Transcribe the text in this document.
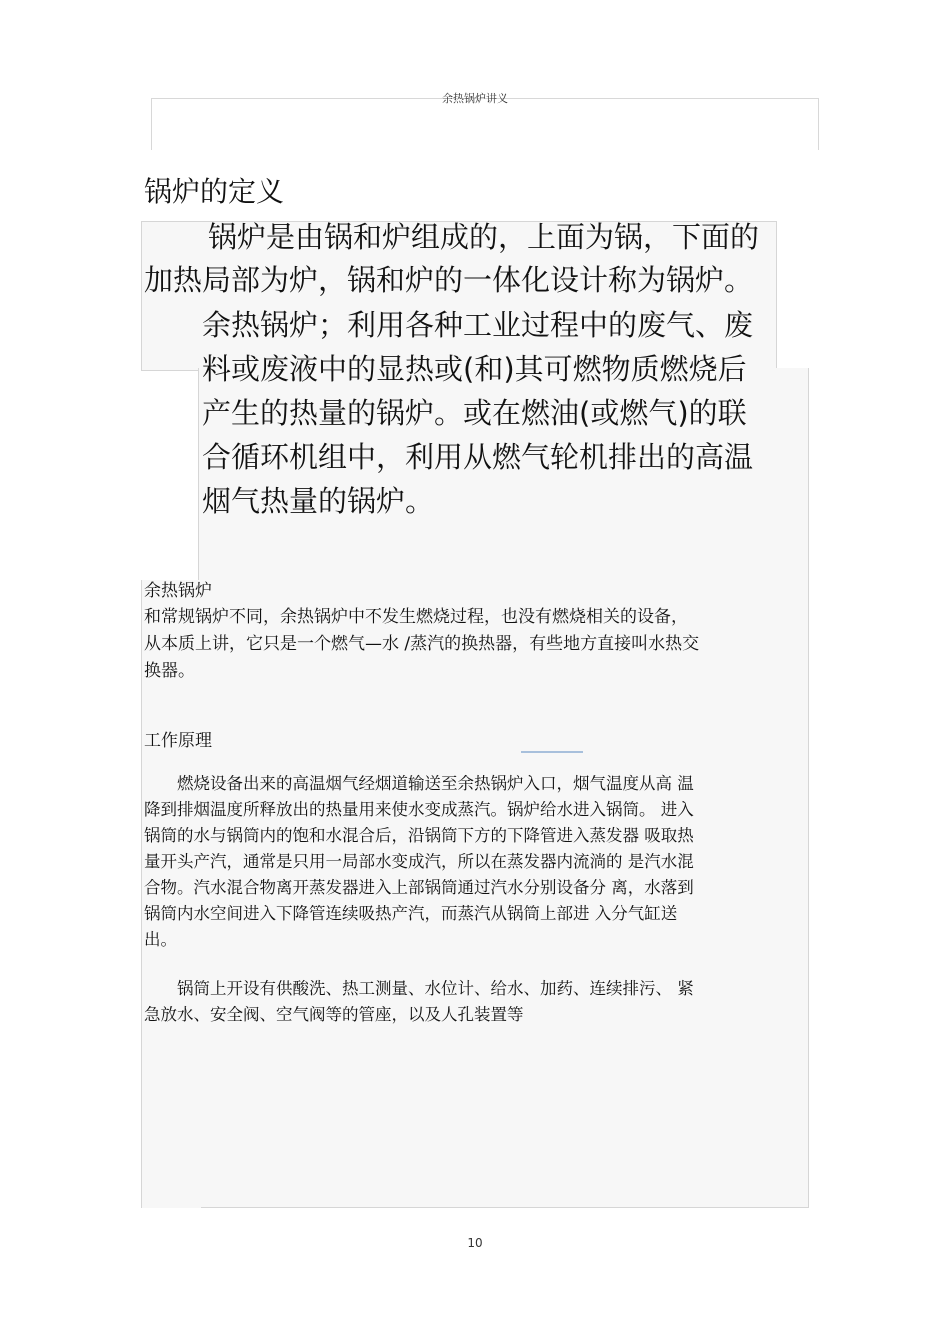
余热锅炉讲义
锅炉的定义
锅炉是由锅和炉组成的，上面为锅，下面的
加热局部为炉，锅和炉的一体化设计称为锅炉。
余热锅炉；利用各种工业过程中的废气、废
料或废液中的显热或(和)其可燃物质燃烧后
产生的热量的锅炉。或在燃油(或燃气)的联
合循环机组中，利用从燃气轮机排出的高温
烟气热量的锅炉。
余热锅炉
和常规锅炉不同，余热锅炉中不发生燃烧过程，也没有燃烧相关的设备，
从本质上讲，它只是一个燃气—水 /蒸汽的换热器，有些地方直接叫水热交
换器。
工作原理
　　燃烧设备出来的高温烟气经烟道输送至余热锅炉入口，烟气温度从高 温
降到排烟温度所释放出的热量用来使水变成蒸汽。锅炉给水进入锅筒。 进入
锅筒的水与锅筒内的饱和水混合后，沿锅筒下方的下降管进入蒸发器 吸取热
量开头产汽，通常是只用一局部水变成汽，所以在蒸发器内流淌的 是汽水混
合物。汽水混合物离开蒸发器进入上部锅筒通过汽水分别设备分 离，水落到
锅筒内水空间进入下降管连续吸热产汽，而蒸汽从锅筒上部进 入分气缸送
出。
　　锅筒上开设有供酸洗、热工测量、水位计、给水、加药、连续排污、 紧
急放水、安全阀、空气阀等的管座，以及人孔装置等
10
